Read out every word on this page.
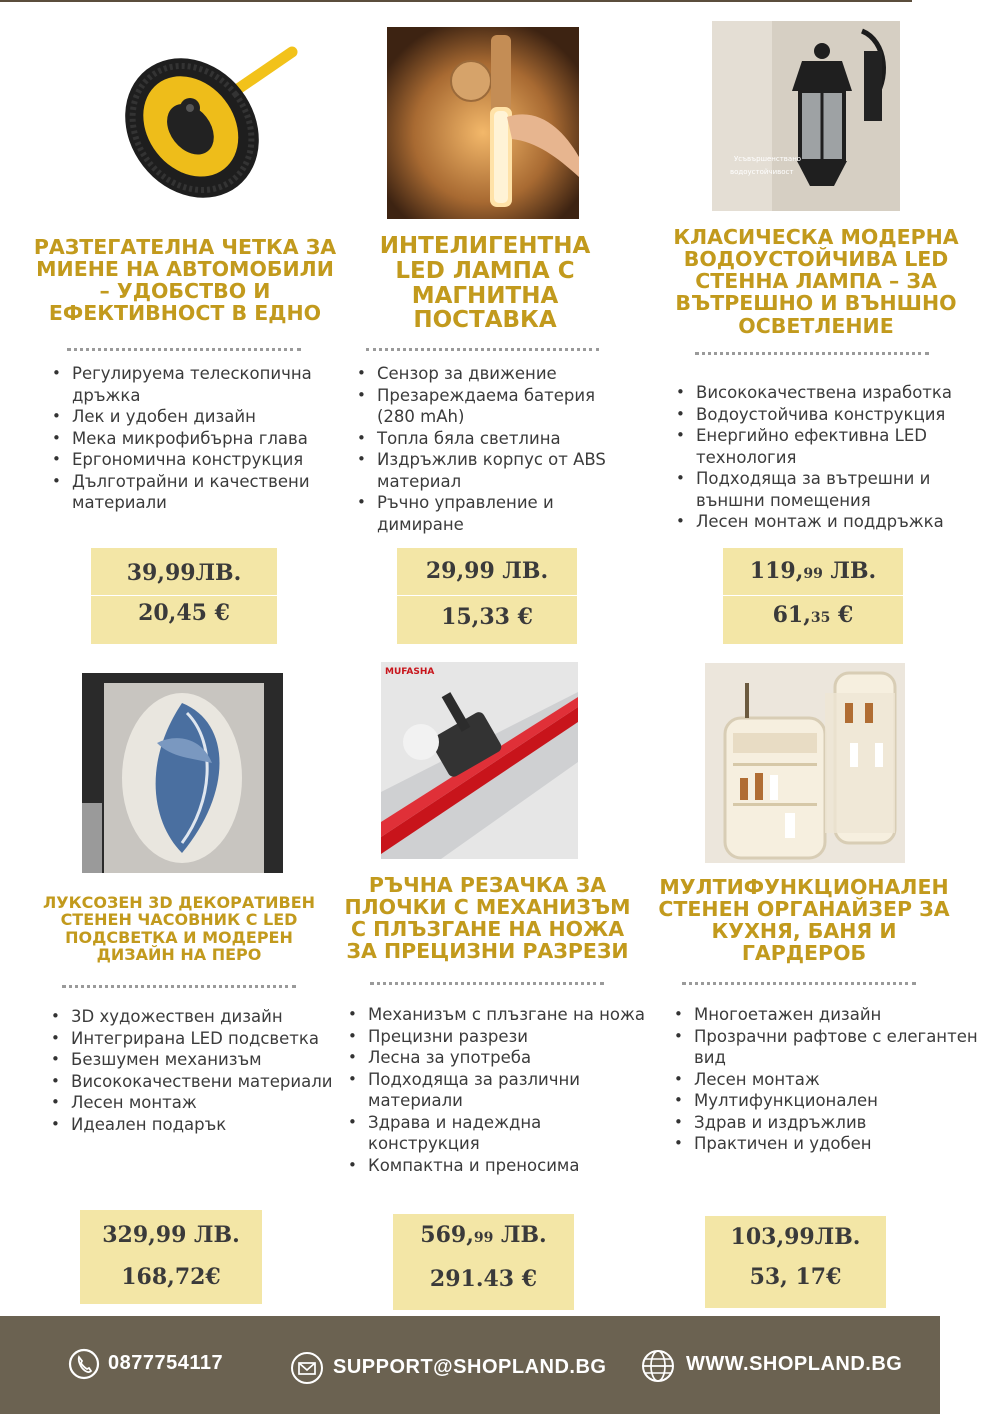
РАЗТЕГАТЕЛНА ЧЕТКА ЗА МИЕНЕ НА АВТОМОБИЛИ – УДОБСТВО И ЕФЕКТИВНОСТ В ЕДНО
• Регулируема телескопична дръжка
• Лек и удобен дизайн
• Мека микрофибърна глава
• Ергономична конструкция
• Дълготрайни и качествени материали
39,99ЛВ.
20,45 €
ИНТЕЛИГЕНТНА LED ЛАМПА С МАГНИТНА ПОСТАВКА
• Сензор за движение
• Презареждаема батерия (280 mAh)
• Топла бяла светлина
• Издръжлив корпус от ABS материал
• Ръчно управление и димиране
29,99 ЛВ.
15,33 €
Усъвършенствано
водоустойчивост
КЛАСИЧЕСКА МОДЕРНА ВОДОУСТОЙЧИВА LED СТЕННА ЛАМПА – ЗА ВЪТРЕШНО И ВЪНШНО ОСВЕТЛЕНИЕ
• Висококачествена изработка
• Водоустойчива конструкция
• Енергийно ефективна LED технология
• Подходяща за вътрешни и външни помещения
• Лесен монтаж и поддръжка
119,99 ЛВ.
61,35 €
ЛУКСОЗЕН 3D ДЕКОРАТИВЕН СТЕНЕН ЧАСОВНИК С LED ПОДСВЕТКА И МОДЕРЕН ДИЗАЙН НА ПЕРО
• 3D художествен дизайн
• Интегрирана LED подсветка
• Безшумен механизъм
• Висококачествени материали
• Лесен монтаж
• Идеален подарък
329,99 ЛВ.
168,72€
MUFASHA
РЪЧНА РЕЗАЧКА ЗА ПЛОЧКИ С МЕХАНИЗЪМ С ПЛЪЗГАНЕ НА НОЖА ЗА ПРЕЦИЗНИ РАЗРЕЗИ
• Механизъм с плъзгане на ножа
• Прецизни разрези
• Лесна за употреба
• Подходяща за различни материали
• Здрава и надеждна конструкция
• Компактна и преносима
569,99 ЛВ.
291.43 €
МУЛТИФУНКЦИОНАЛЕН СТЕНЕН ОРГАНАЙЗЕР ЗА КУХНЯ, БАНЯ И ГАРДЕРОБ
• Многоетажен дизайн
• Прозрачни рафтове с елегантен вид
• Лесен монтаж
• Мултифункционален
• Здрав и издръжлив
• Практичен и удобен
103,99ЛВ.
53, 17€
0877754117	SUPPORT@SHOPLAND.BG	WWW.SHOPLAND.BG
